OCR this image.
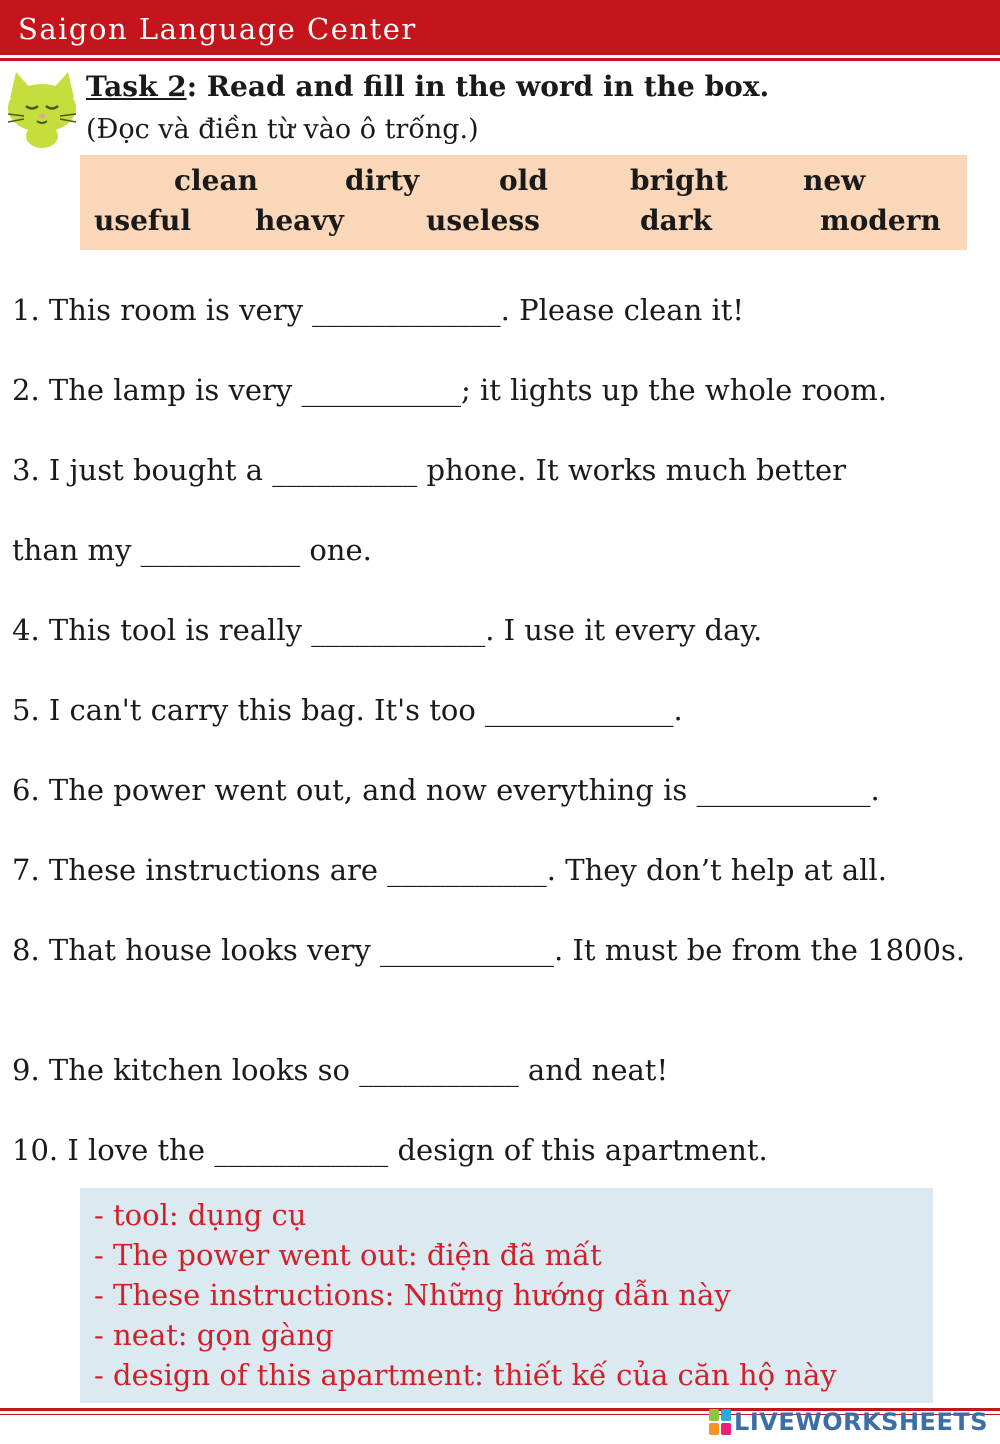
Saigon Language Center
Task 2: Read and fill in the word in the box.
(Đọc và điền từ vào ô trống.)
clean	dirty	old	bright	new
useful heavy	useless	dark	modern
1. This room is very _____________. Please clean it!
2. The lamp is very ___________; it lights up the whole room.
3. I just bought a __________ phone. It works much better
than my ___________ one.
4. This tool is really ____________. I use it every day.
5. I can't carry this bag. It's too _____________.
6. The power went out, and now everything is ____________.
7. These instructions are ___________. They don’t help at all.
8. That house looks very ____________. It must be from the 1800s.
9. The kitchen looks so ___________ and neat!
10. I love the ____________ design of this apartment.
- tool: dụng cụ
- The power went out: điện đã mất
- These instructions: Những hướng dẫn này
- neat: gọn gàng
- design of this apartment: thiết kế của căn hộ này
LIVEWORKSHEETS
